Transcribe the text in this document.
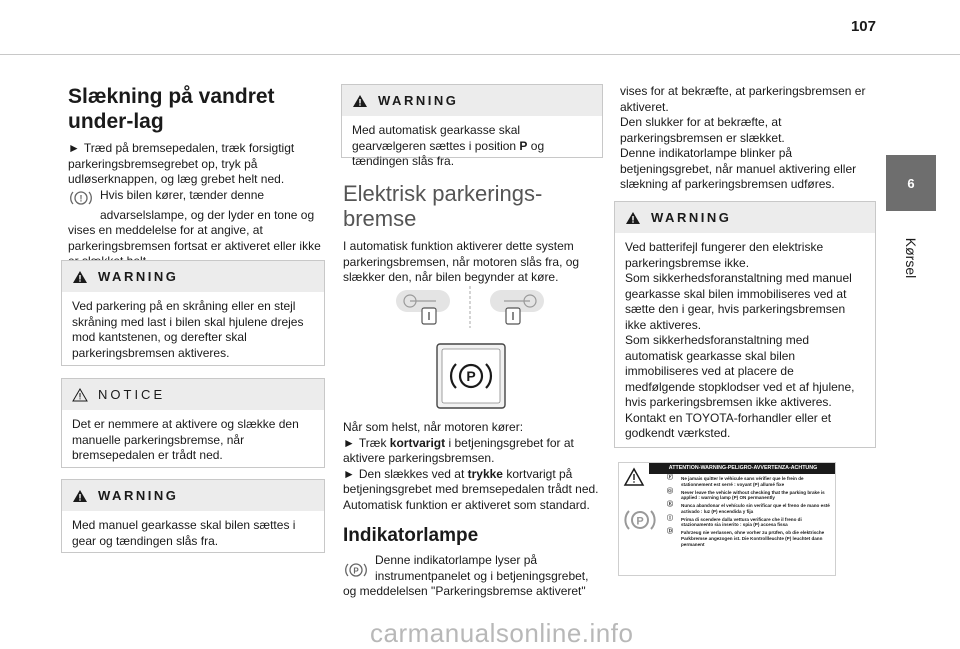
107
6
Kørsel
Slækning på vandret under-lag

► Træd på bremsepedalen, træk forsigtigt parkeringsbremsegrebet op, tryk på udløserknappen, og læg grebet helt ned.

! Hvis bilen kører, tænder denne

advarselslampe, og der lyder en tone og vises en meddelelse for at angive, at parkeringsbremsen fortsat er aktiveret eller ikke

WARNING
Ved parkering på en skråning eller en stejl skråning med last i bilen skal hjulene drejes mod kantstenen, og derefter skal parkeringsbremsen aktiveres.
NOTICE
Det er nemmere at aktivere og slække den manuelle parkeringsbremse, når bremsepedalen er trådt ned.
WARNING
Med manuel gearkasse skal bilen sættes i gear og tændingen slås fra.
WARNING
Med automatisk gearkasse skal gearvælgeren sættes i position P og tændingen slås fra.
Elektrisk parkerings-bremse

I automatisk funktion aktiverer dette system parkeringsbremsen, når motoren slås fra, og slækker den, når bilen begynder at køre.

P

Når som helst, når motoren kører:

► Træk kortvarigt i betjeningsgrebet for at aktivere parkeringsbremsen.

► Den slækkes ved at trykke kortvarigt på betjeningsgrebet med bremsepedalen trådt ned.

Automatisk funktion er aktiveret som standard.

Indikatorlampe
P

Denne indikatorlampe lyser på

instrumentpanelet og i betjeningsgrebet,

og meddelelsen "Parkeringsbremse aktiveret"

vises for at bekræfte, at parkeringsbremsen er aktiveret.
Den slukker for at bekræfte, at parkeringsbremsen er slækket.
Denne indikatorlampe blinker på betjeningsgrebet, når manuel aktivering eller slækning af parkeringsbremsen udføres.
WARNING
Ved batterifejl fungerer den elektriske parkeringsbremse ikke.
Som sikkerhedsforanstaltning med manuel gearkasse skal bilen immobiliseres ved at sætte den i gear, hvis parkeringsbremsen ikke aktiveres.
Som sikkerhedsforanstaltning med automatisk gearkasse skal bilen immobiliseres ved at placere de medfølgende stopklodser ved et af hjulene, hvis parkeringsbremsen ikke aktiveres.
Kontakt en TOYOTA-forhandler eller et godkendt værksted.
ATTENTION-WARNING-PELIGRO-AVVERTENZA-ACHTUNG
P
Ⓕ	Ne jamais quitter le véhicule sans vérifier que le frein de stationnement est serré : voyant (P) allumé fixe
Ⓖ	Never leave the vehicle without checking that the parking brake is applied : warning lamp (P) ON permanently
Ⓔ	Nunca abandonar el vehículo sin verificar que el freno de mano esté activado : luz (P) encendida y fija
Ⓘ	Prima di scendere dalla vettura verificare che il freno di stazionamento sia inserito : spia (P) accesa fissa
Ⓓ	Fahrzeug nie verlassen, ohne vorher zu prüfen, ob die elektrische Parkbremse angezogen ist. Die Kontrollleuchte (P) leuchtet dann permanent
carmanualsonline.info
